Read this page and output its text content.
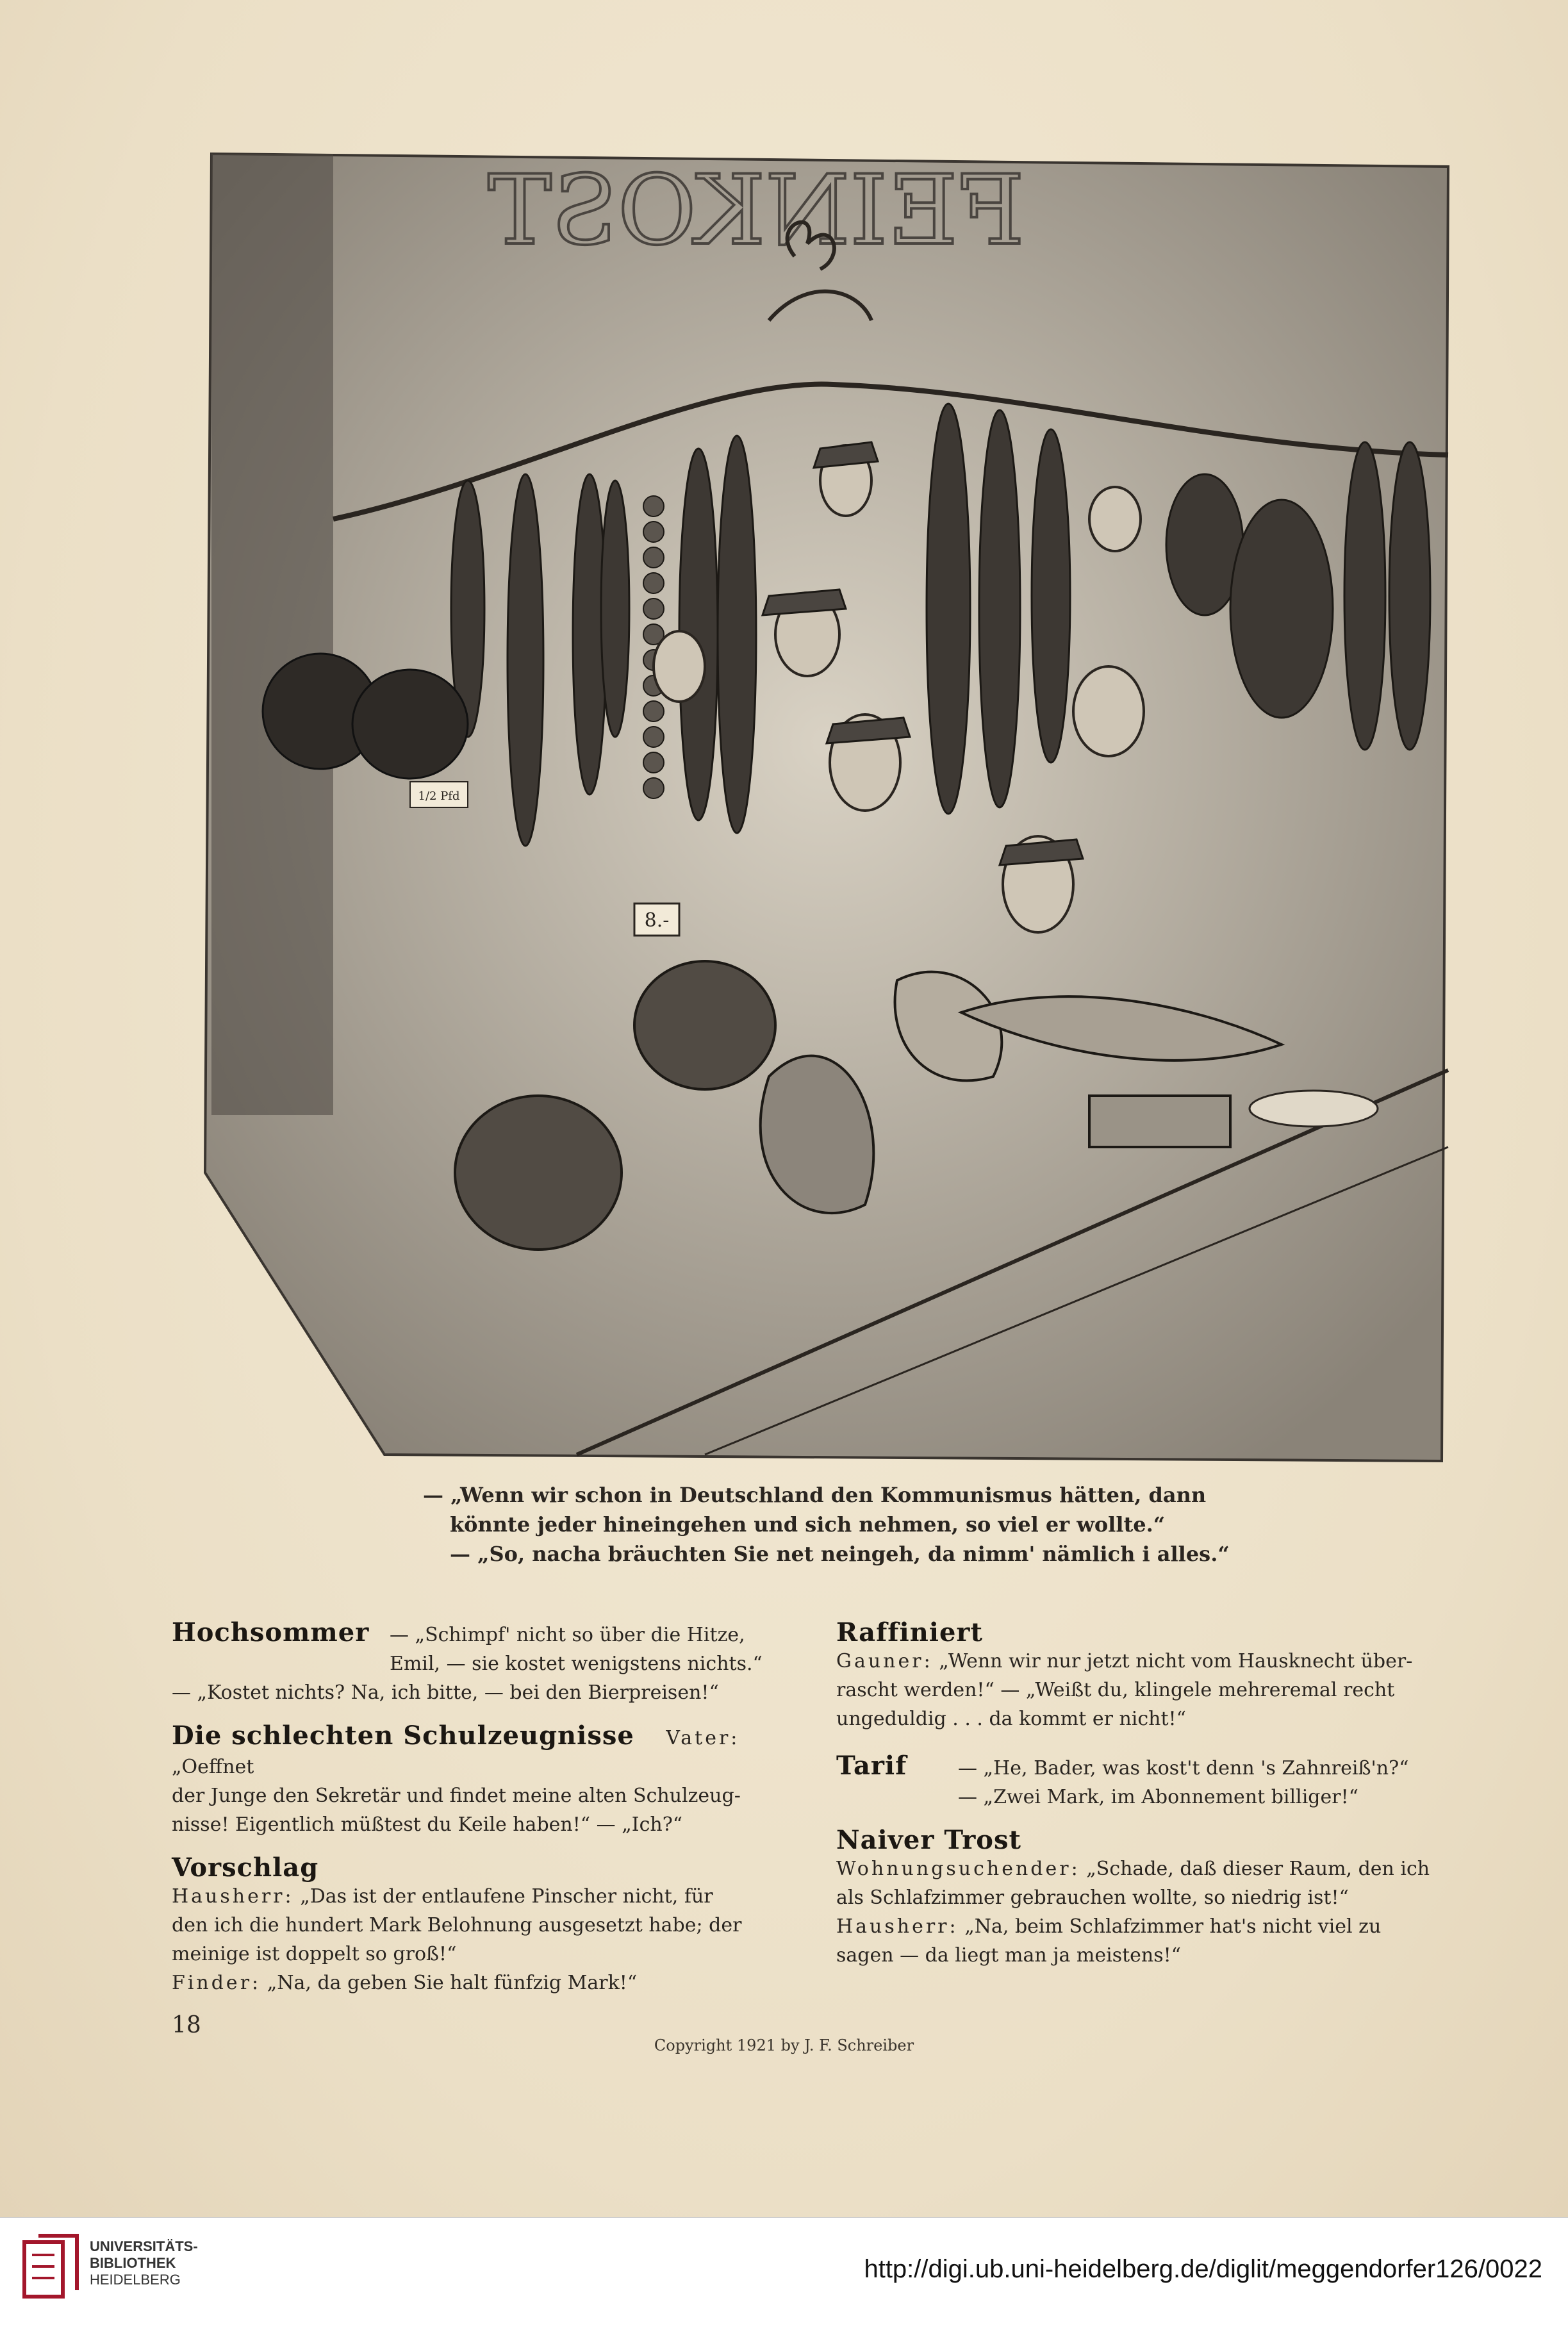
FEINKOST
8.-
1/2 Pfd
— „Wenn wir schon in Deutschland den Kommunismus hätten, dann
könnte jeder hineingehen und sich nehmen, so viel er wollte.“
— „So, nacha bräuchten Sie net neingeh, da nimm' nämlich i alles.“
Hochsommer — „Schimpf' nicht so über die Hitze,
Emil, — sie kostet wenigstens nichts.“
— „Kostet nichts? Na, ich bitte, — bei den Bierpreisen!“
Die schlechten Schulzeugnisse Vater: „Oeffnet
der Junge den Sekretär und findet meine alten Schulzeug-
nisse! Eigentlich müßtest du Keile haben!“ — „Ich?“
Vorschlag
Hausherr: „Das ist der entlaufene Pinscher nicht, für
den ich die hundert Mark Belohnung ausgesetzt habe; der
meinige ist doppelt so groß!“
Finder: „Na, da geben Sie halt fünfzig Mark!“
Raffiniert
Gauner: „Wenn wir nur jetzt nicht vom Hausknecht über-
rascht werden!“ — „Weißt du, klingele mehreremal recht
ungeduldig . . . da kommt er nicht!“
Tarif	— „He, Bader, was kost't denn 's Zahnreiß'n?“
— „Zwei Mark, im Abonnement billiger!“
Naiver Trost
Wohnungsuchender: „Schade, daß dieser Raum, den ich
als Schlafzimmer gebrauchen wollte, so niedrig ist!“
Hausherr: „Na, beim Schlafzimmer hat's nicht viel zu
sagen — da liegt man ja meistens!“
18
Copyright 1921 by J. F. Schreiber
UNIVERSITÄTS-
BIBLIOTHEK
HEIDELBERG	http://digi.ub.uni-heidelberg.de/diglit/meggendorfer126/0022
